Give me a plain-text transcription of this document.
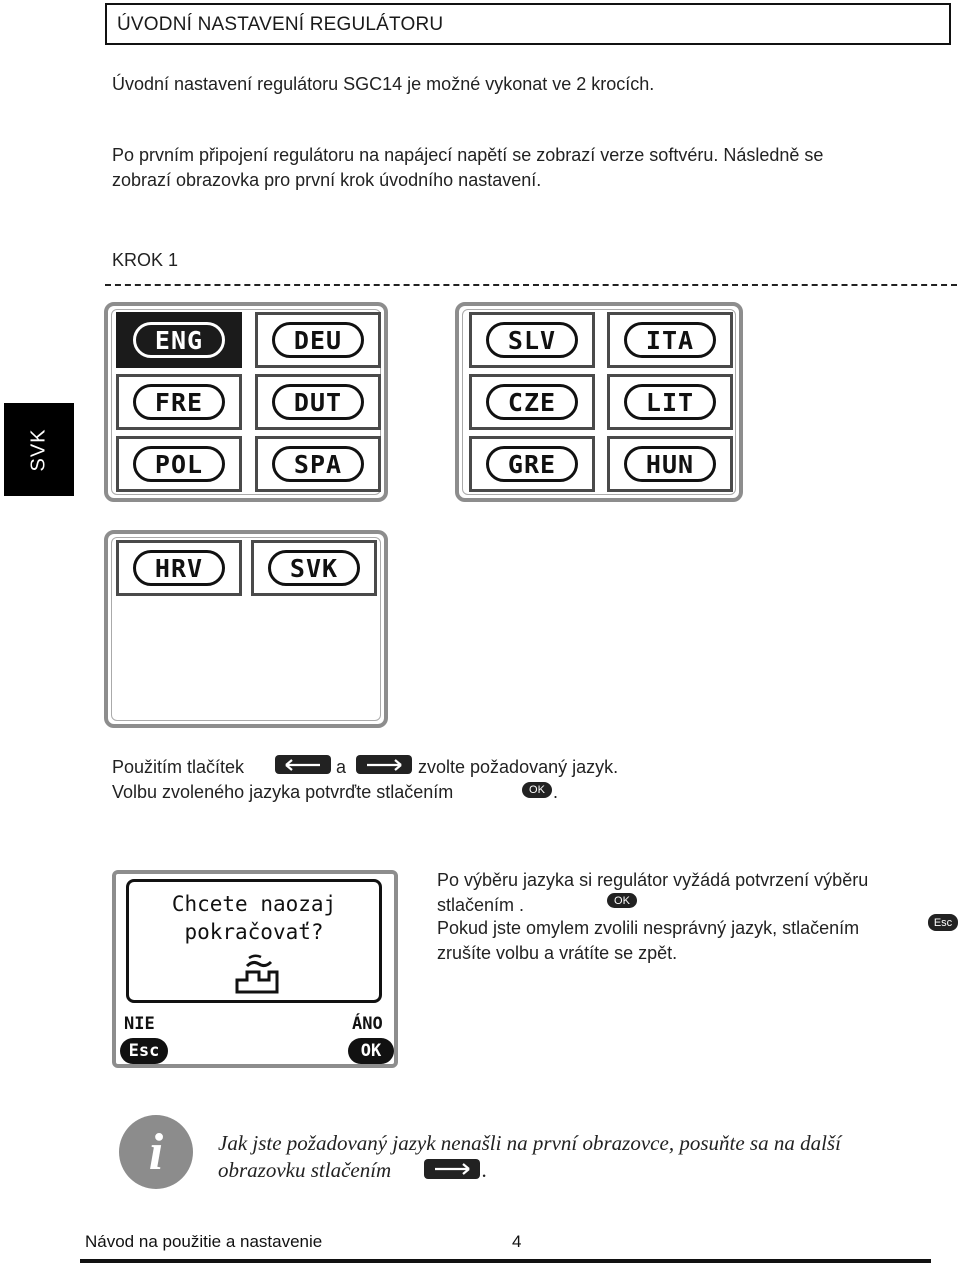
ÚVODNÍ NASTAVENÍ REGULÁTORU
Úvodní nastavení regulátoru SGC14 je možné vykonat ve 2 krocích.
Po prvním připojení regulátoru na napájecí napětí se zobrazí verze softvéru. Následně se
zobrazí obrazovka pro první krok úvodního nastavení.
KROK 1
SVK
ENG	DEU
FRE	DUT
POL	SPA
SLV	ITA
CZE	LIT
GRE	HUN
HRV	SVK
Použitím tlačítek	a	zvolte požadovaný jazyk.
Volbu zvoleného jazyka potvrďte stlačením	OK .
Chcete naozaj
pokračovať?
NIE	ÁNO
Esc	OK
Po výběru jazyka si regulátor vyžádá potvrzení výběru
stlačením .	OK
Pokud jste omylem zvolili nesprávný jazyk, stlačením	Esc
zrušíte volbu a vrátíte se zpět.
i	Jak jste požadovaný jazyk nenašli na první obrazovce, posuňte sa na další
obrazovku stlačením	.
Návod na použitie a nastavenie	4
